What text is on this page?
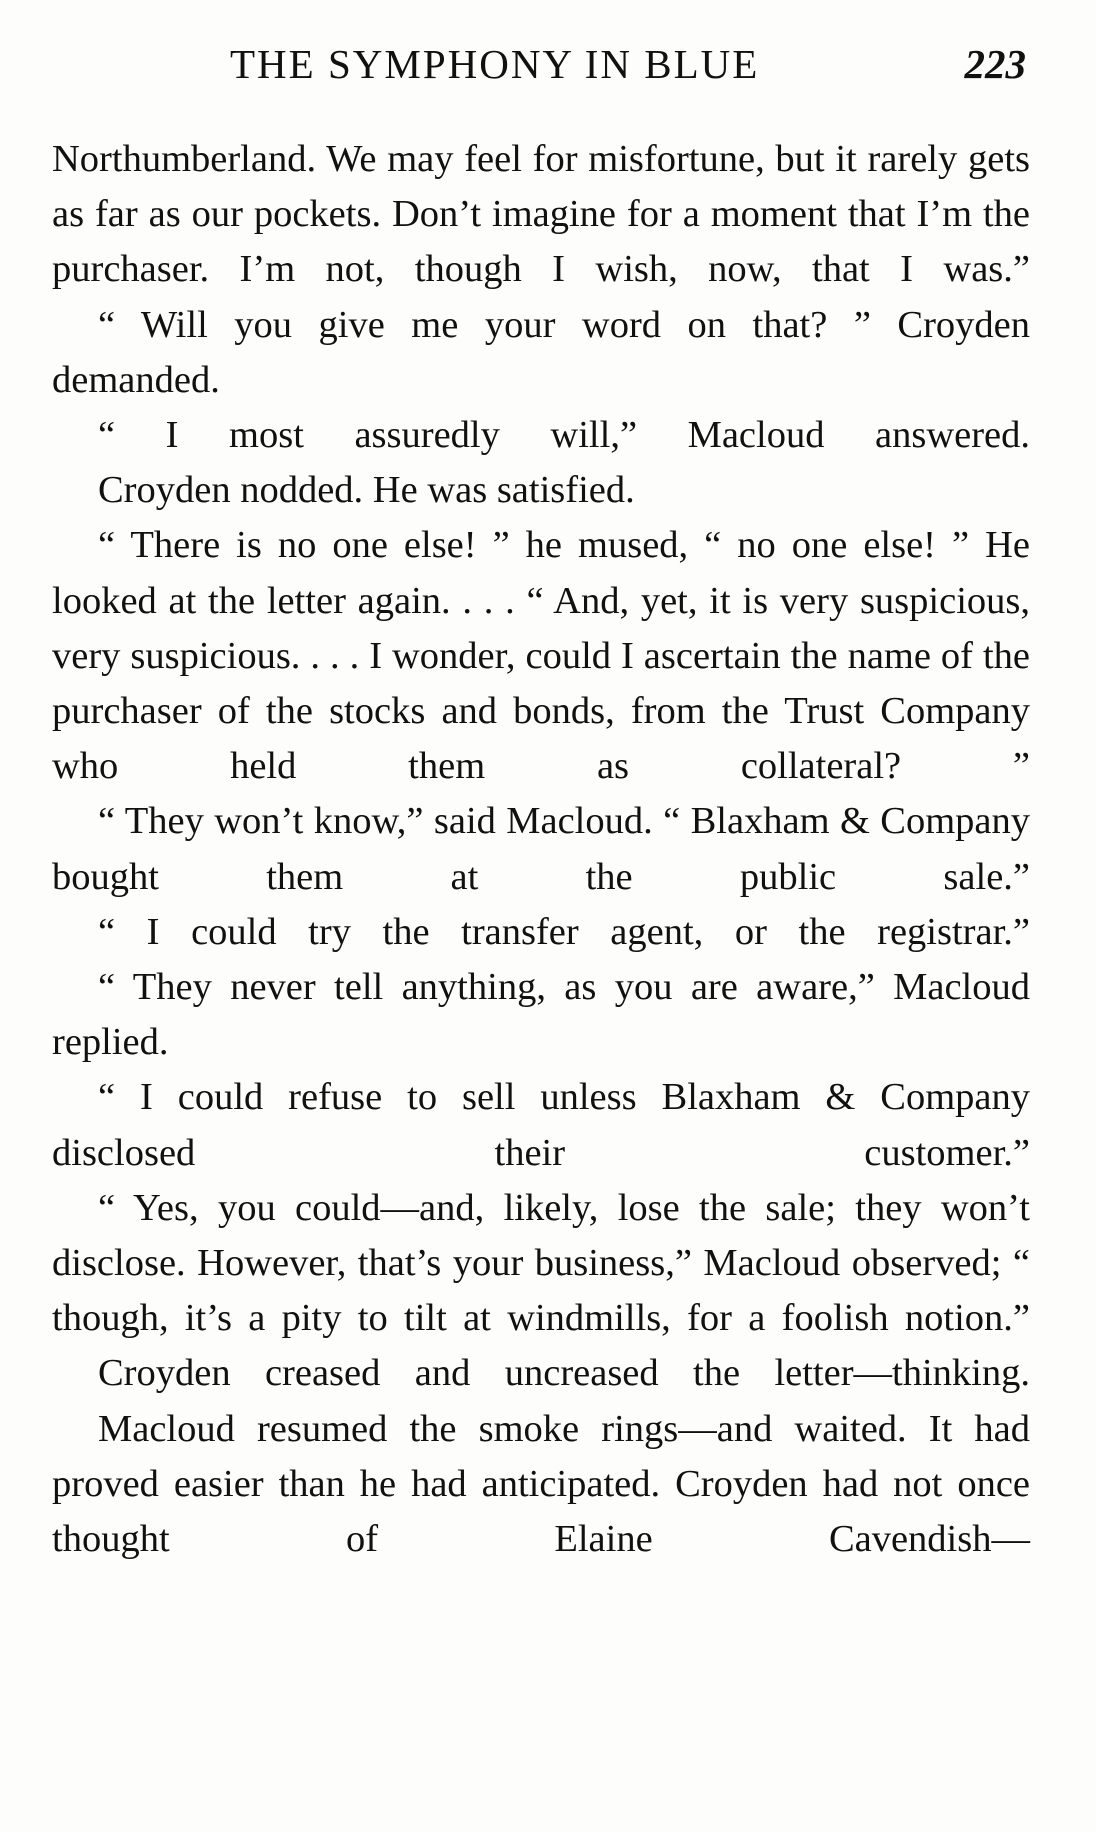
THE SYMPHONY IN BLUE	223

Northumberland. We may feel for misfortune, but it rarely gets as far as our pockets. Don’t imagine for a moment that I’m the purchaser. I’m not, though I wish, now, that I was.”

“ Will you give me your word on that? ” Croyden demanded.

“ I most assuredly will,” Macloud answered.

Croyden nodded. He was satisfied.

“ There is no one else! ” he mused, “ no one else! ” He looked at the letter again. . . . “ And, yet, it is very suspicious, very suspicious. . . . I wonder, could I ascertain the name of the purchaser of the stocks and bonds, from the Trust Company who held them as collateral? ”

“ They won’t know,” said Macloud. “ Blaxham & Company bought them at the public sale.”

“ I could try the transfer agent, or the registrar.”

“ They never tell anything, as you are aware,” Macloud replied.

“ I could refuse to sell unless Blaxham & Company disclosed their customer.”

“ Yes, you could—and, likely, lose the sale; they won’t disclose. However, that’s your business,” Macloud observed; “ though, it’s a pity to tilt at windmills, for a foolish notion.”

Croyden creased and uncreased the letter—thinking.

Macloud resumed the smoke rings—and waited. It had proved easier than he had anticipated. Croyden had not once thought of Elaine Cavendish—
